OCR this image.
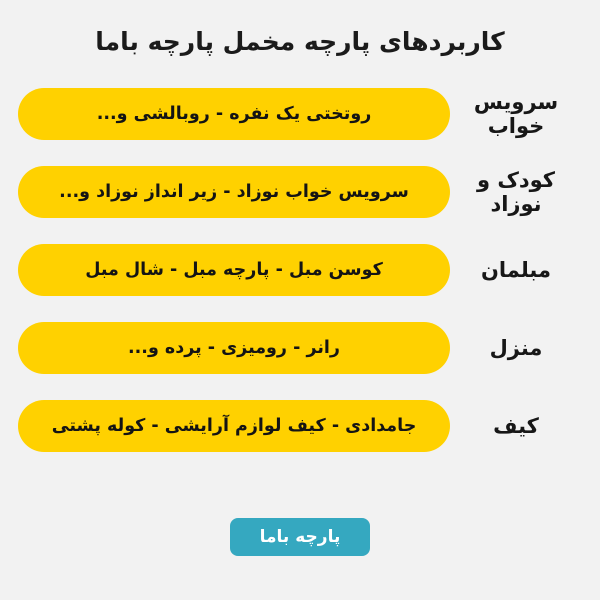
کاربردهای پارچه مخمل پارچه باما
سرویس خواب
روتختی یک نفره - روبالشی و...
کودک و نوزاد
سرویس خواب نوزاد - زیر انداز نوزاد و...
مبلمان
کوسن مبل - پارچه مبل - شال مبل
منزل
رانر - رومیزی - پرده و...
کیف
جامدادی - کیف لوازم آرایشی - کوله پشتی
پارچه باما
